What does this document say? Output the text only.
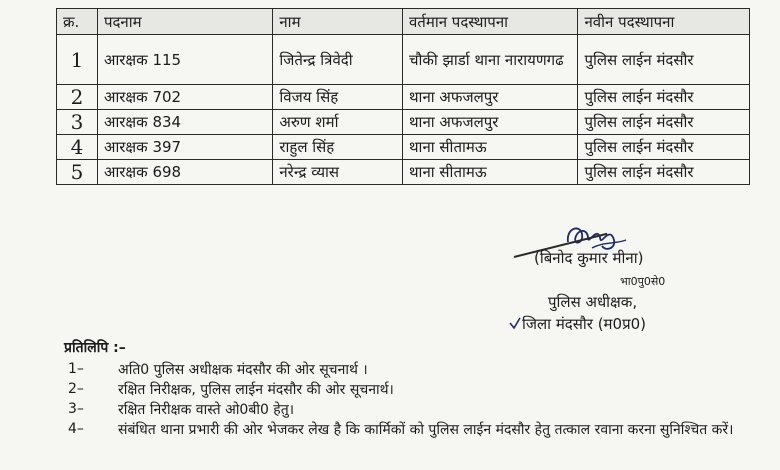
क्र.	पदनाम	नाम	वर्तमान पदस्थापना	नवीन पदस्थापना
1	आरक्षक 115	जितेन्द्र त्रिवेदी	चौकी झार्डा थाना नारायणगढ	पुलिस लाईन मंदसौर
2	आरक्षक 702	विजय सिंह	थाना अफजलपुर	पुलिस लाईन मंदसौर
3	आरक्षक 834	अरुण शर्मा	थाना अफजलपुर	पुलिस लाईन मंदसौर
4	आरक्षक 397	राहुल सिंह	थाना सीतामऊ	पुलिस लाईन मंदसौर
5	आरक्षक 698	नरेन्द्र व्यास	थाना सीतामऊ	पुलिस लाईन मंदसौर
(बिनोद कुमार मीना)
भा0पु0से0
पुलिस अधीक्षक,
जिला मंदसौर (म0प्र0)
प्रतिलिपि :–
1–	अति0 पुलिस अधीक्षक मंदसौर की ओर सूचनार्थ ।
2–	रक्षित निरीक्षक, पुलिस लाईन मंदसौर की ओर सूचनार्थ।
3–	रक्षित निरीक्षक वास्ते ओ0बी0 हेतु।
4–	संबंधित थाना प्रभारी की ओर भेजकर लेख है कि कार्मिकों को पुलिस लाईन मंदसौर हेतु तत्काल रवाना करना सुनिश्चित करें।
